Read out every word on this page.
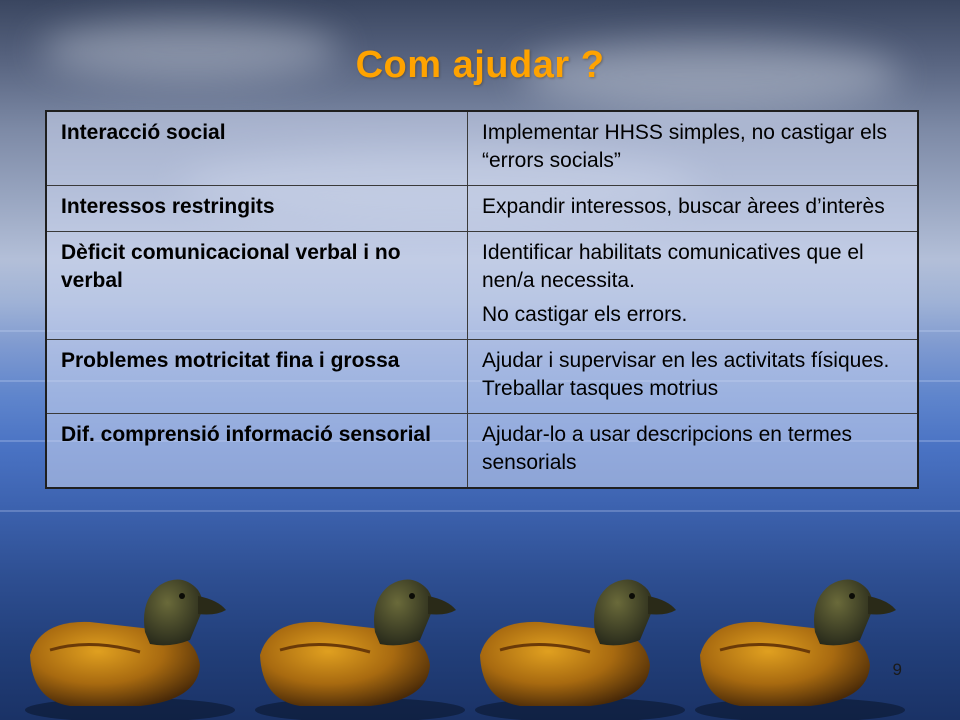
Com ajudar ?
Interacció social	Implementar HHSS simples, no castigar els “errors socials”

Interessos restringits	Expandir interessos, buscar àrees d’interès

Dèficit comunicacional verbal i no verbal	Identificar habilitats comunicatives que el nen/a necessita.

No castigar els errors.

Problemes motricitat fina i grossa	Ajudar i supervisar en les activitats físiques. Treballar tasques motrius

Dif. comprensió informació sensorial	Ajudar-lo a usar descripcions en termes sensorials

9
